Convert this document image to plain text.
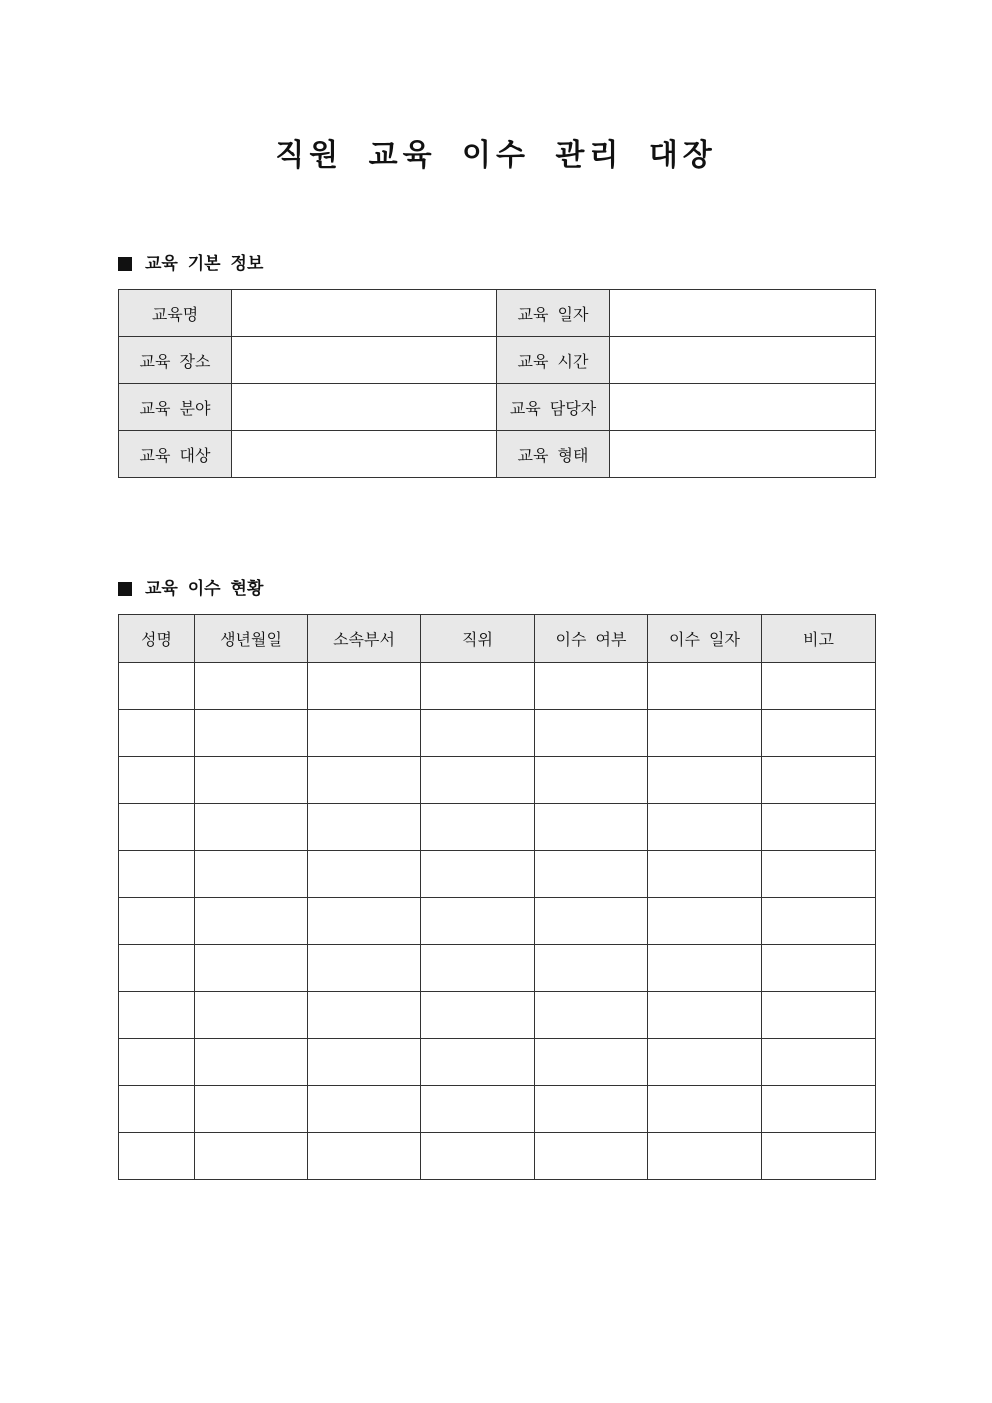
직원 교육 이수 관리 대장
교육 기본 정보
교육명		교육 일자	
교육 장소		교육 시간	
교육 분야		교육 담당자	
교육 대상		교육 형태	
교육 이수 현황
성명	생년월일	소속부서	직위	이수 여부	이수 일자	비고
